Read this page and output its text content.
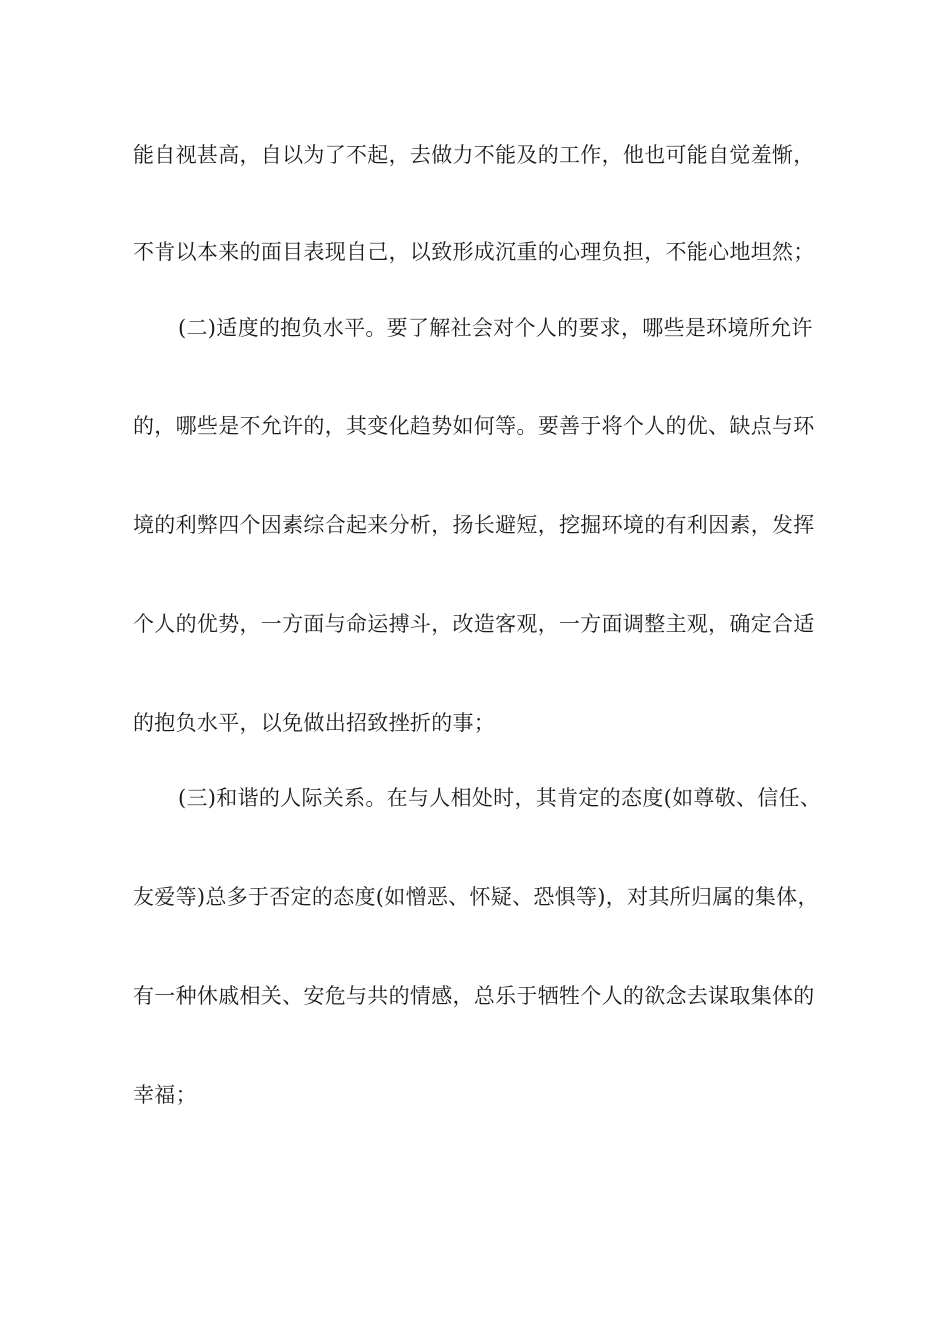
能自视甚高，自以为了不起，去做力不能及的工作，他也可能自觉羞惭，
不肯以本来的面目表现自己，以致形成沉重的心理负担，不能心地坦然；
(二)适度的抱负水平。要了解社会对个人的要求，哪些是环境所允许
的，哪些是不允许的，其变化趋势如何等。要善于将个人的优、缺点与环
境的利弊四个因素综合起来分析，扬长避短，挖掘环境的有利因素，发挥
个人的优势，一方面与命运搏斗，改造客观，一方面调整主观，确定合适
的抱负水平，以免做出招致挫折的事；
(三)和谐的人际关系。在与人相处时，其肯定的态度(如尊敬、信任、
友爱等)总多于否定的态度(如憎恶、怀疑、恐惧等)，对其所归属的集体，
有一种休戚相关、安危与共的情感，总乐于牺牲个人的欲念去谋取集体的
幸福；
